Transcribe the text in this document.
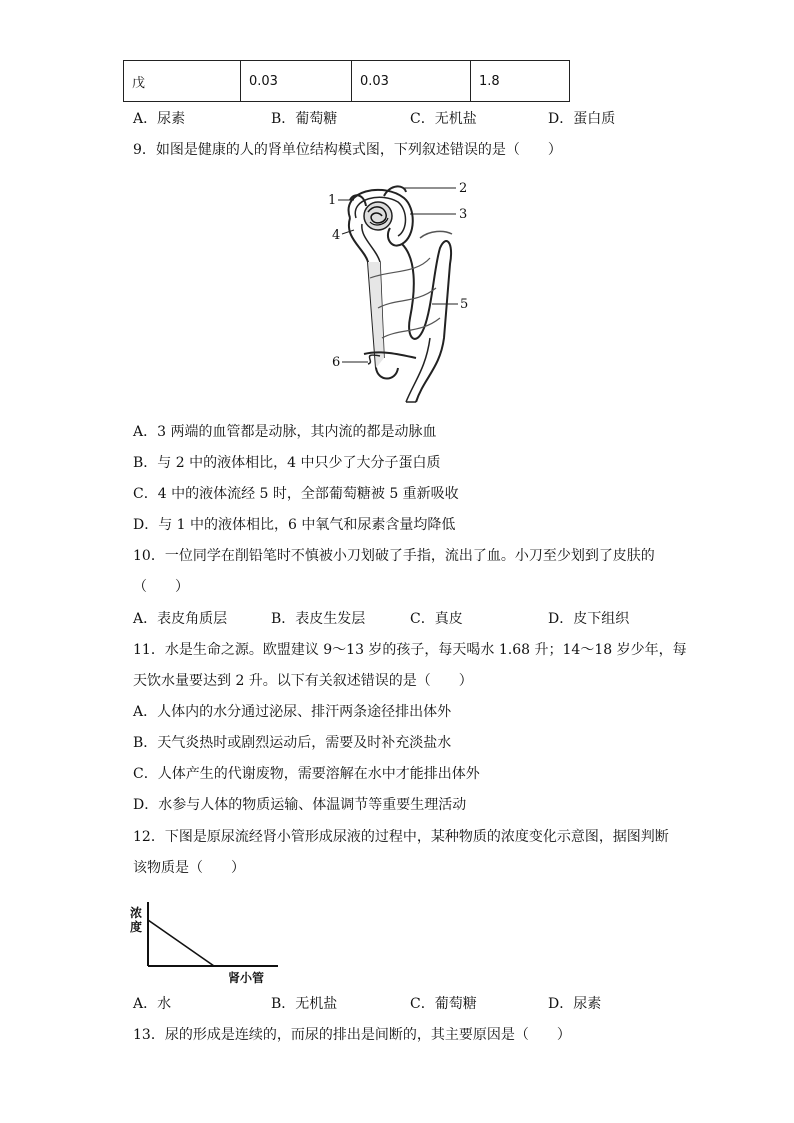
戊	0.03	0.03	1.8
A．尿素	B．葡萄糖	C．无机盐	D．蛋白质
9．如图是健康的人的肾单位结构模式图，下列叙述错误的是（　　）
1
2
3
4
5
6
A．3 两端的血管都是动脉，其内流的都是动脉血
B．与 2 中的液体相比，4 中只少了大分子蛋白质
C．4 中的液体流经 5 时，全部葡萄糖被 5 重新吸收
D．与 1 中的液体相比，6 中氧气和尿素含量均降低
10．一位同学在削铅笔时不慎被小刀划破了手指，流出了血。小刀至少划到了皮肤的
（　　）
A．表皮角质层	B．表皮生发层	C．真皮	D．皮下组织
11．水是生命之源。欧盟建议 9～13 岁的孩子，每天喝水 1.68 升；14～18 岁少年，每
天饮水量要达到 2 升。以下有关叙述错误的是（　　）
A．人体内的水分通过泌尿、排汗两条途径排出体外
B．天气炎热时或剧烈运动后，需要及时补充淡盐水
C．人体产生的代谢废物，需要溶解在水中才能排出体外
D．水参与人体的物质运输、体温调节等重要生理活动
12．下图是原尿流经肾小管形成尿液的过程中，某种物质的浓度变化示意图，据图判断
该物质是（　　）
浓
度
肾小管
A．水	B．无机盐	C．葡萄糖	D．尿素
13．尿的形成是连续的，而尿的排出是间断的，其主要原因是（　　）
